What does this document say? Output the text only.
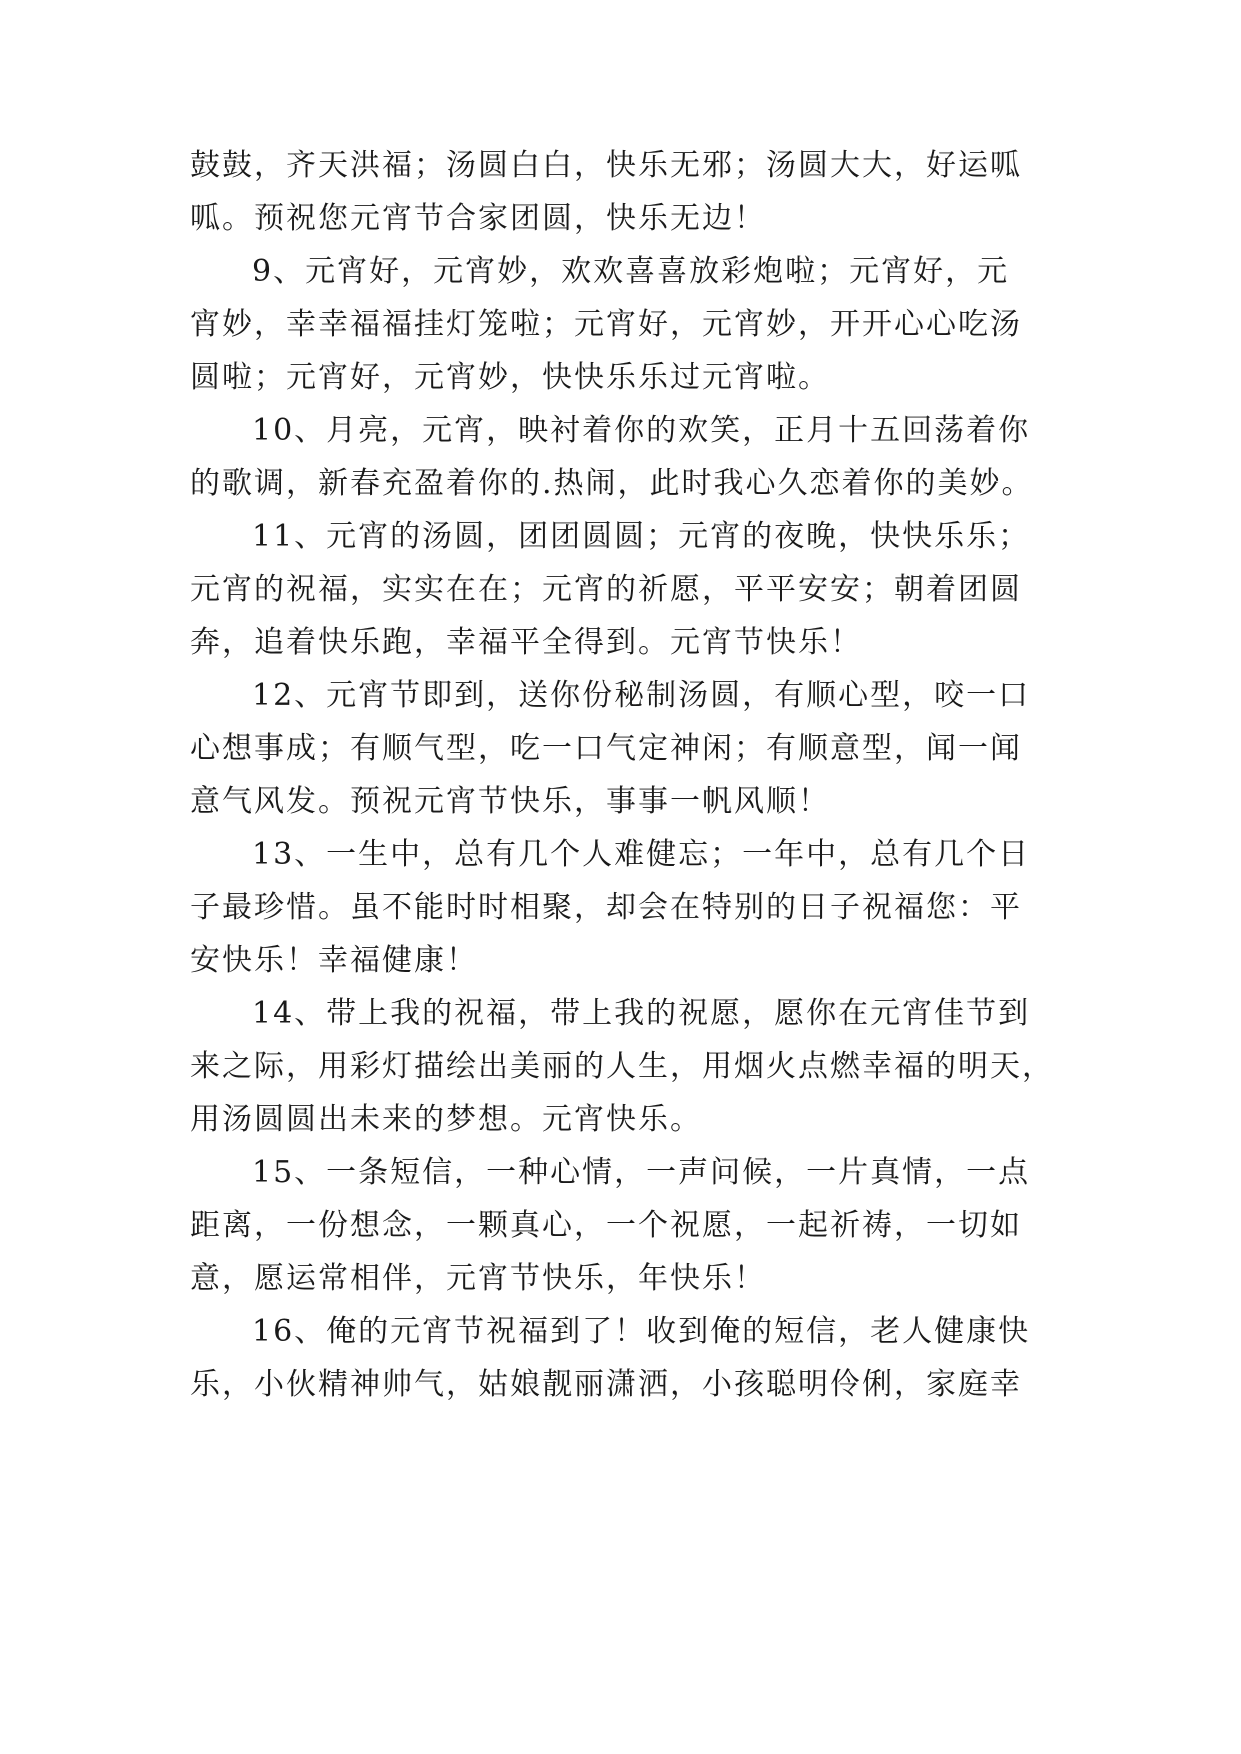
鼓鼓，齐天洪福；汤圆白白，快乐无邪；汤圆大大，好运呱
呱。预祝您元宵节合家团圆，快乐无边！
9、元宵好，元宵妙，欢欢喜喜放彩炮啦；元宵好，元
宵妙，幸幸福福挂灯笼啦；元宵好，元宵妙，开开心心吃汤
圆啦；元宵好，元宵妙，快快乐乐过元宵啦。
10、月亮，元宵，映衬着你的欢笑，正月十五回荡着你
的歌调，新春充盈着你的.热闹，此时我心久恋着你的美妙。
11、元宵的汤圆，团团圆圆；元宵的夜晚，快快乐乐；
元宵的祝福，实实在在；元宵的祈愿，平平安安；朝着团圆
奔，追着快乐跑，幸福平全得到。元宵节快乐！
12、元宵节即到，送你份秘制汤圆，有顺心型，咬一口
心想事成；有顺气型，吃一口气定神闲；有顺意型，闻一闻
意气风发。预祝元宵节快乐，事事一帆风顺！
13、一生中，总有几个人难健忘；一年中，总有几个日
子最珍惜。虽不能时时相聚，却会在特别的日子祝福您：平
安快乐！幸福健康！
14、带上我的祝福，带上我的祝愿，愿你在元宵佳节到
来之际，用彩灯描绘出美丽的人生，用烟火点燃幸福的明天，
用汤圆圆出未来的梦想。元宵快乐。
15、一条短信，一种心情，一声问候，一片真情，一点
距离，一份想念，一颗真心，一个祝愿，一起祈祷，一切如
意，愿运常相伴，元宵节快乐，年快乐！
16、俺的元宵节祝福到了！收到俺的短信，老人健康快
乐，小伙精神帅气，姑娘靓丽潇洒，小孩聪明伶俐，家庭幸
